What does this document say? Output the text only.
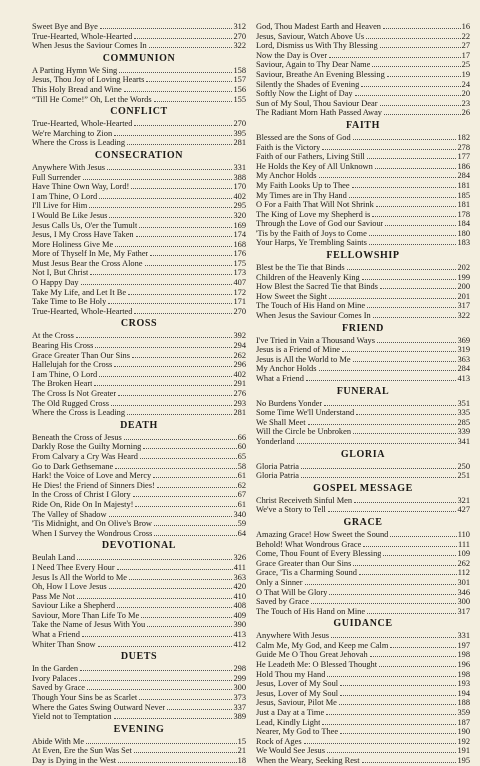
Sweet Bye and Bye	312
True-Hearted, Whole-Hearted	270
When Jesus the Saviour Comes In	322
COMMUNION
A Parting Hymn We Sing	158
Jesus, Thou Joy of Loving Hearts	157
This Holy Bread and Wine	156
“Till He Come!” Oh, Let the Words	155
CONFLICT
True-Hearted, Whole-Hearted	270
We're Marching to Zion	395
Where the Cross is Leading	281
CONSECRATION
Anywhere With Jesus	331
Full Surrender	388
Have Thine Own Way, Lord!	170
I am Thine, O Lord	402
I'll Live for Him	295
I Would Be Like Jesus	320
Jesus Calls Us, O'er the Tumult	169
Jesus, I My Cross Have Taken	174
More Holiness Give Me	168
More of Thyself In Me, My Father	176
Must Jesus Bear the Cross Alone	175
Not I, But Christ	173
O Happy Day	407
Take My Life, and Let It Be	172
Take Time to Be Holy	171
True-Hearted, Whole-Hearted	270
CROSS
At the Cross	392
Bearing His Cross	294
Grace Greater Than Our Sins	262
Hallelujah for the Cross	296
I am Thine, O Lord	402
The Broken Heart	291
The Cross Is Not Greater	276
The Old Rugged Cross	293
Where the Cross is Leading	281
DEATH
Beneath the Cross of Jesus	66
Darkly Rose the Guilty Morning	60
From Calvary a Cry Was Heard	65
Go to Dark Gethsemane	58
Hark! the Voice of Love and Mercy	61
He Dies! the Friend of Sinners Dies!	62
In the Cross of Christ I Glory	67
Ride On, Ride On In Majesty!	61
The Valley of Shadow	340
'Tis Midnight, and On Olive's Brow	59
When I Survey the Wondrous Cross	64
DEVOTIONAL
Beulah Land	326
I Need Thee Every Hour	411
Jesus Is All the World to Me	363
Oh, How I Love Jesus	420
Pass Me Not	410
Saviour Like a Shepherd	408
Saviour, More Than Life To Me	409
Take the Name of Jesus With You	390
What a Friend	413
Whiter Than Snow	412
DUETS
In the Garden	298
Ivory Palaces	299
Saved by Grace	300
Though Your Sins be as Scarlet	373
Where the Gates Swing Outward Never	337
Yield not to Temptation	389
EVENING
Abide With Me	15
At Even, Ere the Sun Was Set	21
Day is Dying in the West	18
God, Thou Madest Earth and Heaven	16
Jesus, Saviour, Watch Above Us	22
Lord, Dismiss us With Thy Blessing	27
Now the Day is Over	17
Saviour, Again to Thy Dear Name	25
Saviour, Breathe An Evening Blessing	19
Silently the Shades of Evening	24
Softly Now the Light of Day	20
Sun of My Soul, Thou Saviour Dear	23
The Radiant Morn Hath Passed Away	26
FAITH
Blessed are the Sons of God	182
Faith is the Victory	278
Faith of our Fathers, Living Still	177
He Holds the Key of All Unknown	186
My Anchor Holds	284
My Faith Looks Up to Thee	181
My Times are in Thy Hand	185
O For a Faith That Will Not Shrink	181
The King of Love my Shepherd is	178
Through the Love of God our Saviour	184
'Tis by the Faith of Joys to Come	180
Your Harps, Ye Trembling Saints	183
FELLOWSHIP
Blest be the Tie that Binds	202
Children of the Heavenly King	199
How Blest the Sacred Tie that Binds	200
How Sweet the Sight	201
The Touch of His Hand on Mine	317
When Jesus the Saviour Comes In	322
FRIEND
I've Tried in Vain a Thousand Ways	369
Jesus is a Friend of Mine	319
Jesus is All the World to Me	363
My Anchor Holds	284
What a Friend	413
FUNERAL
No Burdens Yonder	351
Some Time We'll Understand	335
We Shall Meet	285
Will the Circle be Unbroken	339
Yonderland	341
GLORIA
Gloria Patria	250
Gloria Patria	251
GOSPEL MESSAGE
Christ Receiveth Sinful Men	321
We've a Story to Tell	427
GRACE
Amazing Grace! How Sweet the Sound	110
Behold! What Wondrous Grace	111
Come, Thou Fount of Every Blessing	109
Grace Greater than Our Sins	262
Grace, 'Tis a Charming Sound	112
Only a Sinner	301
O That Will be Glory	346
Saved by Grace	300
The Touch of His Hand on Mine	317
GUIDANCE
Anywhere With Jesus	331
Calm Me, My God, and Keep me Calm	197
Guide Me O Thou Great Jehovah	198
He Leadeth Me: O Blessed Thought	196
Hold Thou my Hand	198
Jesus, Lover of My Soul	193
Jesus, Lover of My Soul	194
Jesus, Saviour, Pilot Me	188
Just a Day at a Time	359
Lead, Kindly Light	187
Nearer, My God to Thee	190
Rock of Ages	192
We Would See Jesus	191
When the Weary, Seeking Rest	195
